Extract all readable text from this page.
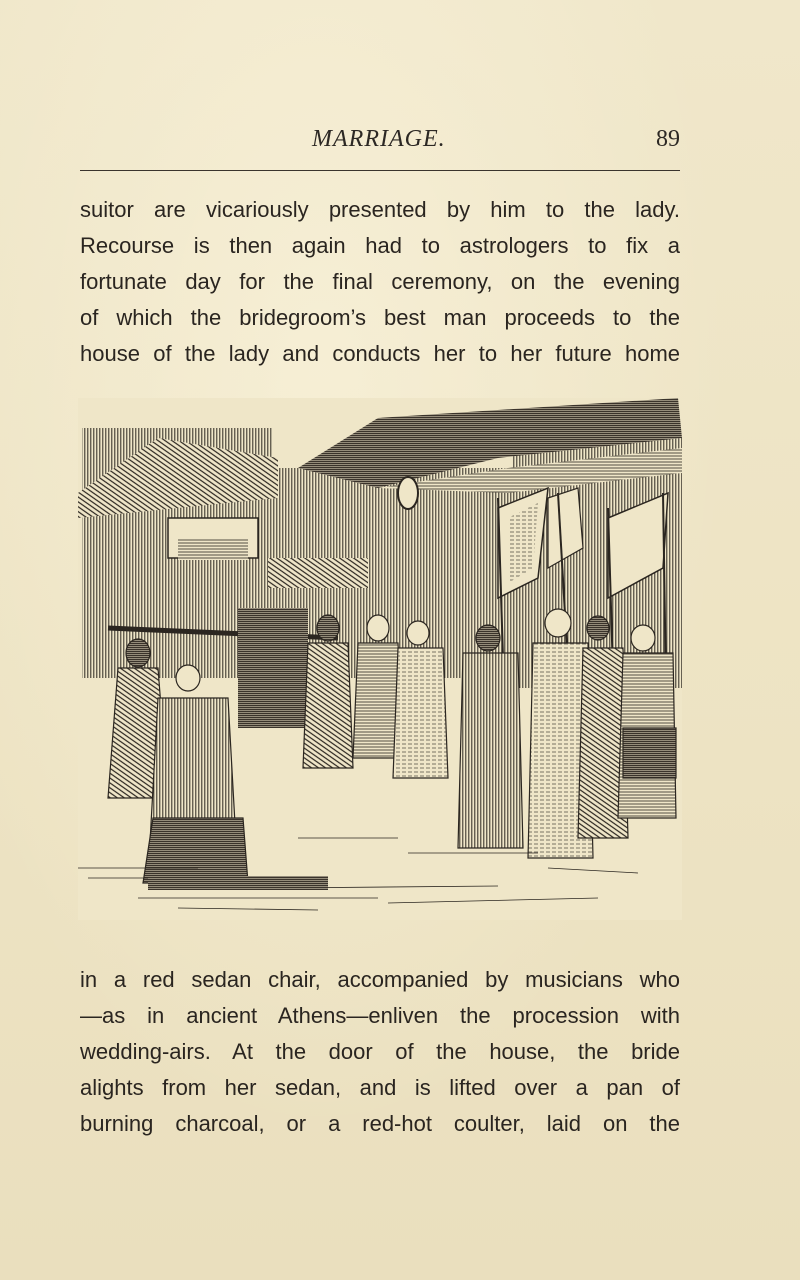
MARRIAGE.	89
suitor are vicariously presented by him to the lady.
Recourse is then again had to astrologers to fix a
fortunate day for the final ceremony, on the evening
of which the bridegroom’s best man proceeds to the
house of the lady and conducts her to her future home
in a red sedan chair, accompanied by musicians who
—as in ancient Athens—enliven the procession with
wedding-airs. At the door of the house, the bride
alights from her sedan, and is lifted over a pan of
burning charcoal, or a red-hot coulter, laid on the
